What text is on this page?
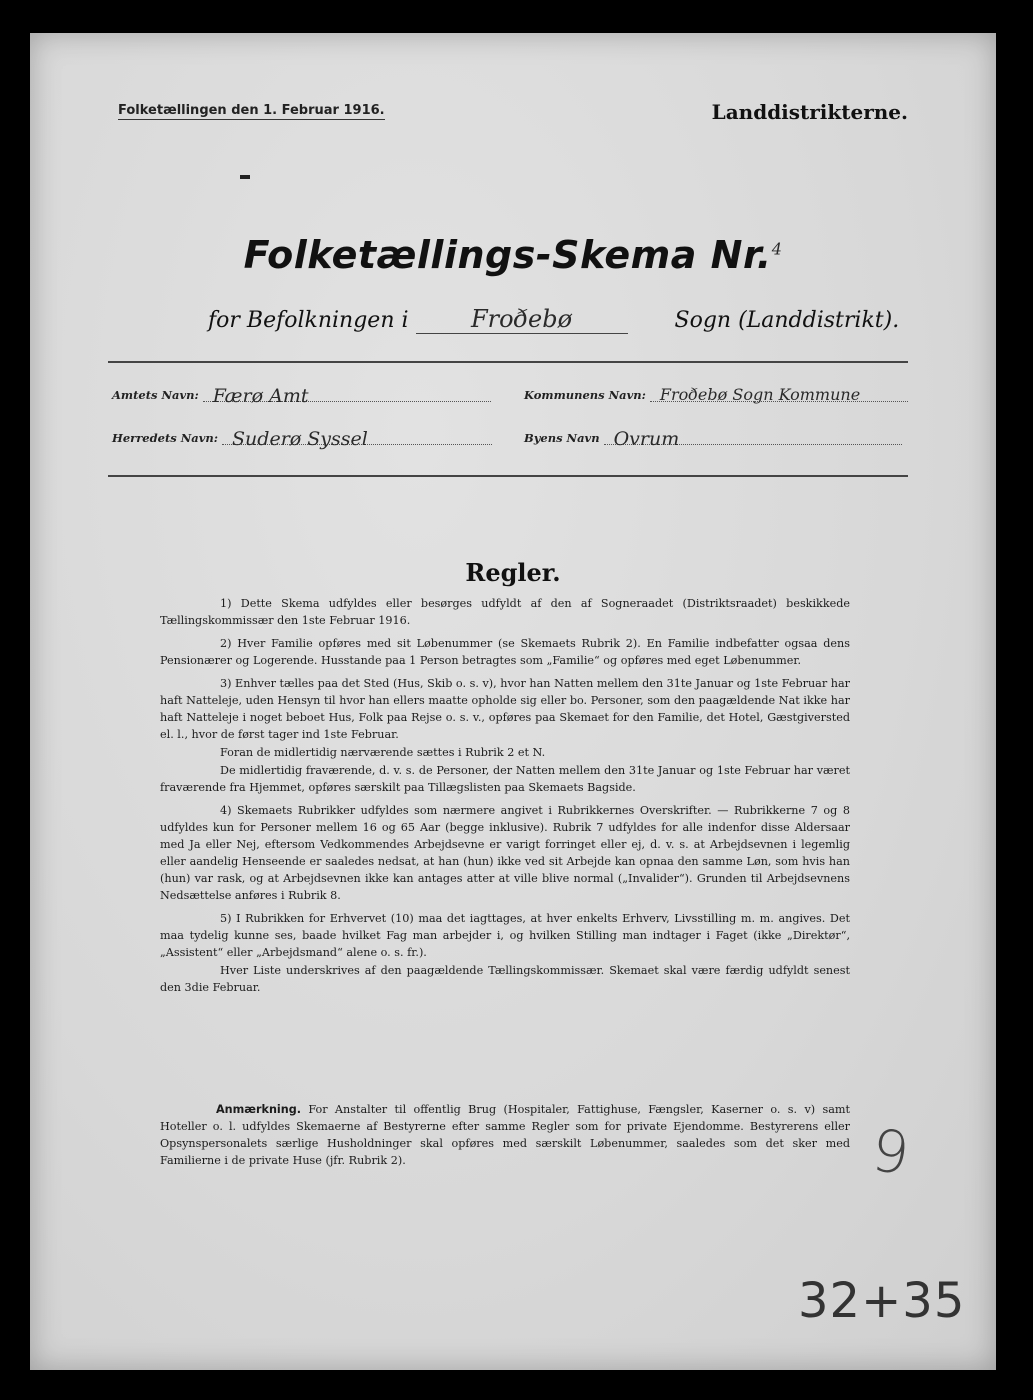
Folketællingen den 1. Februar 1916.	Landdistrikterne.
Folketællings-Skema Nr.$^4$
for Befolkningen i	Froðebø	Sogn (Landdistrikt).
Amtets Navn: Færø Amt	Kommunens Navn: Froðebø Sogn Kommune
Herredets Navn: Suderø Syssel	Byens Navn Ovrum
Regler.

1) Dette Skema udfyldes eller besørges udfyldt af den af Sogneraadet (Distriktsraadet) beskikkede Tællingskommissær den 1ste Februar 1916.

2) Hver Familie opføres med sit Løbenummer (se Skemaets Rubrik 2). En Familie indbefatter ogsaa dens Pensionærer og Logerende. Husstande paa 1 Person betragtes som „Familie“ og opføres med eget Løbenummer.

3) Enhver tælles paa det Sted (Hus, Skib o. s. v), hvor han Natten mellem den 31te Januar og 1ste Februar har haft Natteleje, uden Hensyn til hvor han ellers maatte opholde sig eller bo. Personer, som den paagældende Nat ikke har haft Natteleje i noget beboet Hus, Folk paa Rejse o. s. v., opføres paa Skemaet for den Familie, det Hotel, Gæstgiversted el. l., hvor de først tager ind 1ste Februar.

Foran de midlertidig nærværende sættes i Rubrik 2 et N.

De midlertidig fraværende, d. v. s. de Personer, der Natten mellem den 31te Januar og 1ste Februar har været fraværende fra Hjemmet, opføres særskilt paa Tillægslisten paa Skemaets Bagside.

4) Skemaets Rubrikker udfyldes som nærmere angivet i Rubrikkernes Overskrifter. — Rubrikkerne 7 og 8 udfyldes kun for Personer mellem 16 og 65 Aar (begge inklusive). Rubrik 7 udfyldes for alle indenfor disse Aldersaar med Ja eller Nej, eftersom Vedkommendes Arbejdsevne er varigt forringet eller ej, d. v. s. at Arbejdsevnen i legemlig eller aandelig Henseende er saaledes nedsat, at han (hun) ikke ved sit Arbejde kan opnaa den samme Løn, som hvis han (hun) var rask, og at Arbejdsevnen ikke kan antages atter at ville blive normal („Invalider“). Grunden til Arbejdsevnens Nedsættelse anføres i Rubrik 8.

5) I Rubrikken for Erhvervet (10) maa det iagttages, at hver enkelts Erhverv, Livsstilling m. m. angives. Det maa tydelig kunne ses, baade hvilket Fag man arbejder i, og hvilken Stilling man indtager i Faget (ikke „Direktør“, „Assistent“ eller „Arbejdsmand“ alene o. s. fr.).

Hver Liste underskrives af den paagældende Tællingskommissær. Skemaet skal være færdig udfyldt senest den 3die Februar.

Anmærkning. For Anstalter til offentlig Brug (Hospitaler, Fattighuse, Fængsler, Kaserner o. s. v) samt Hoteller o. l. udfyldes Skemaerne af Bestyrerne efter samme Regler som for private Ejendomme. Bestyrerens eller Opsynspersonalets særlige Husholdninger skal opføres med særskilt Løbenummer, saaledes som det sker med Familierne i de private Huse (jfr. Rubrik 2).	9
32+35
